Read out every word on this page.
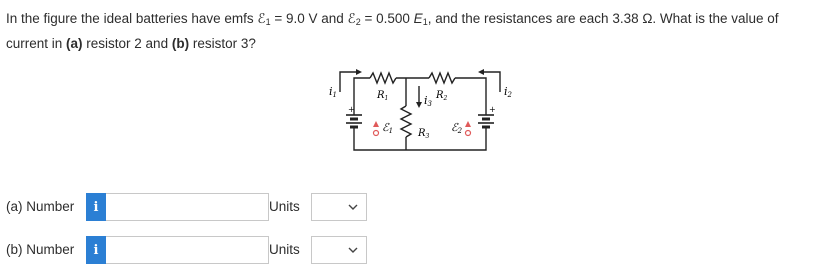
In the figure the ideal batteries have emfs ℰ$_1$ = 9.0 V and ℰ$_2$ = 0.500 $E_1$, and the resistances are each 3.38 Ω. What is the value of current in (a) resistor 2 and (b) resistor 3?
+	+
i1	i2
i3
$R_1$	$R_2$
$R_3$
ℰ1	ℰ2
(a) Number i	Units
(b) Number i	Units
